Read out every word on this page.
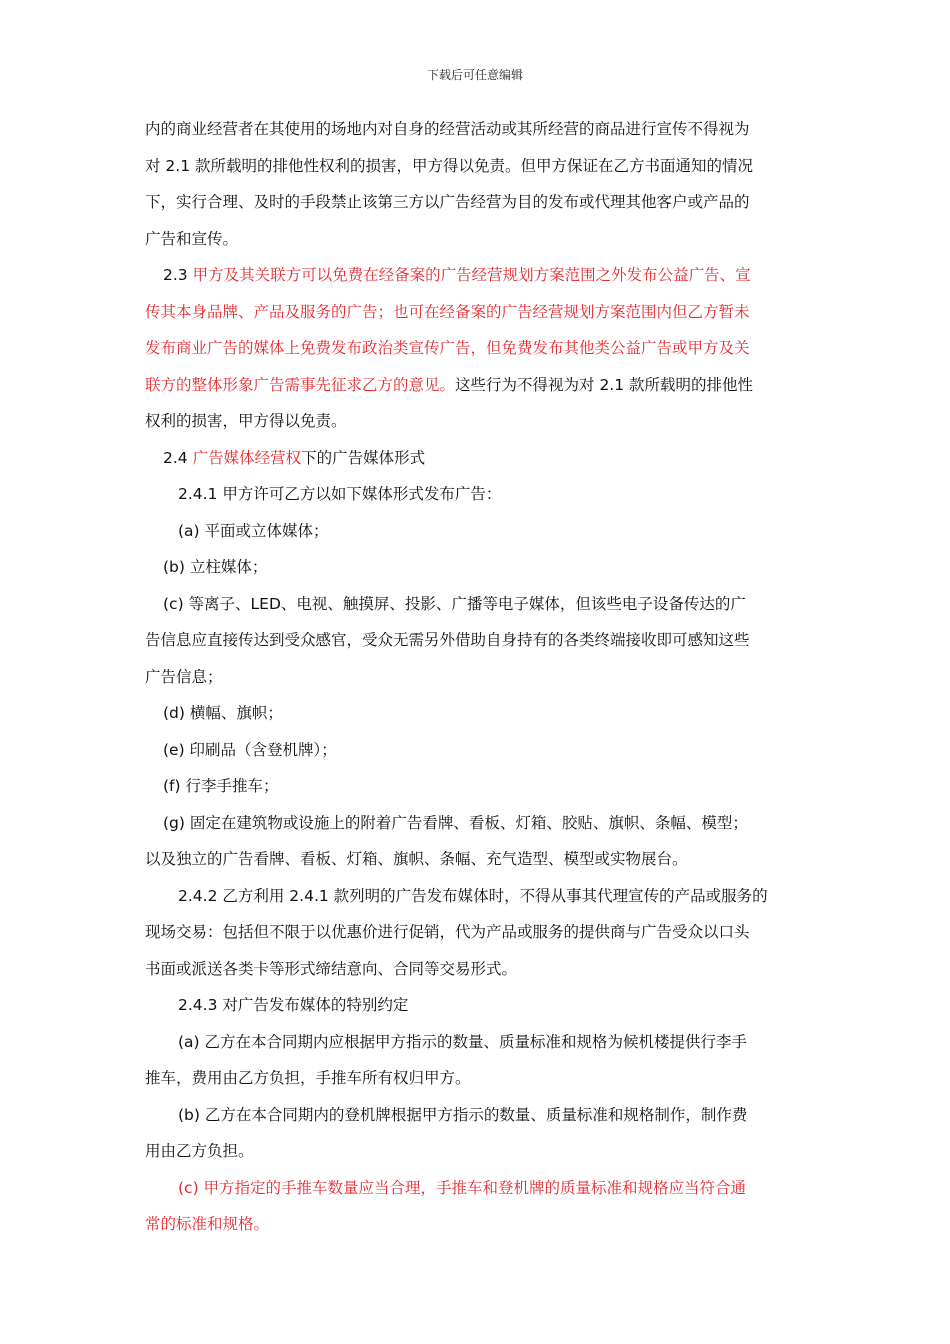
下载后可任意编辑

内的商业经营者在其使用的场地内对自身的经营活动或其所经营的商品进行宣传不得视为

对 2.1 款所载明的排他性权利的损害，甲方得以免责。但甲方保证在乙方书面通知的情况

下，实行合理、及时的手段禁止该第三方以广告经营为目的发布或代理其他客户或产品的

广告和宣传。

2.3 甲方及其关联方可以免费在经备案的广告经营规划方案范围之外发布公益广告、宣

传其本身品牌、产品及服务的广告；也可在经备案的广告经营规划方案范围内但乙方暂未

发布商业广告的媒体上免费发布政治类宣传广告，但免费发布其他类公益广告或甲方及关

联方的整体形象广告需事先征求乙方的意见。这些行为不得视为对 2.1 款所载明的排他性

权利的损害，甲方得以免责。

2.4 广告媒体经营权下的广告媒体形式

2.4.1 甲方许可乙方以如下媒体形式发布广告：

(a) 平面或立体媒体；

(b) 立柱媒体；

(c) 等离子、LED、电视、触摸屏、投影、广播等电子媒体，但该些电子设备传达的广

告信息应直接传达到受众感官，受众无需另外借助自身持有的各类终端接收即可感知这些

广告信息；

(d) 横幅、旗帜；

(e) 印刷品（含登机牌）；

(f) 行李手推车；

(g) 固定在建筑物或设施上的附着广告看牌、看板、灯箱、胶贴、旗帜、条幅、模型；

以及独立的广告看牌、看板、灯箱、旗帜、条幅、充气造型、模型或实物展台。

2.4.2 乙方利用 2.4.1 款列明的广告发布媒体时，不得从事其代理宣传的产品或服务的

现场交易：包括但不限于以优惠价进行促销，代为产品或服务的提供商与广告受众以口头

书面或派送各类卡等形式缔结意向、合同等交易形式。

2.4.3 对广告发布媒体的特别约定

(a) 乙方在本合同期内应根据甲方指示的数量、质量标准和规格为候机楼提供行李手

推车，费用由乙方负担，手推车所有权归甲方。

(b) 乙方在本合同期内的登机牌根据甲方指示的数量、质量标准和规格制作，制作费

用由乙方负担。

(c) 甲方指定的手推车数量应当合理，手推车和登机牌的质量标准和规格应当符合通

常的标准和规格。
